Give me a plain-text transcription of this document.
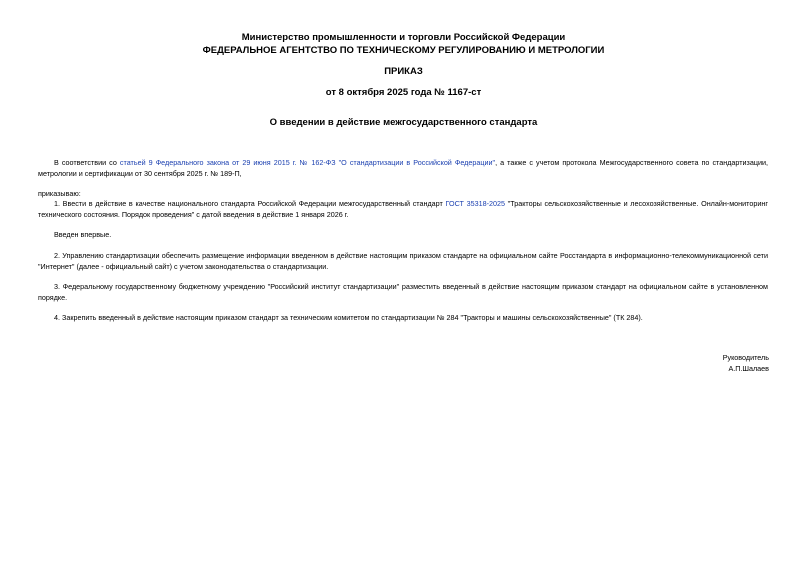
Министерство промышленности и торговли Российской Федерации
ФЕДЕРАЛЬНОЕ АГЕНТСТВО ПО ТЕХНИЧЕСКОМУ РЕГУЛИРОВАНИЮ И МЕТРОЛОГИИ
ПРИКАЗ
от 8 октября 2025 года № 1167-ст
О введении в действие межгосударственного стандарта
В соответствии со статьей 9 Федерального закона от 29 июня 2015 г. № 162-ФЗ "О стандартизации в Российской Федерации", а также с учетом протокола Межгосударственного совета по стандартизации, метрологии и сертификации от 30 сентября 2025 г. № 189-П,
приказываю:
1. Ввести в действие в качестве национального стандарта Российской Федерации межгосударственный стандарт ГОСТ 35318-2025 "Тракторы сельскохозяйственные и лесохозяйственные. Онлайн-мониторинг технического состояния. Порядок проведения" с датой введения в действие 1 января 2026 г.
Введен впервые.
2. Управлению стандартизации обеспечить размещение информации введенном в действие настоящим приказом стандарте на официальном сайте Росстандарта в информационно-телекоммуникационной сети "Интернет" (далее - официальный сайт) с учетом законодательства о стандартизации.
3. Федеральному государственному бюджетному учреждению "Российский институт стандартизации" разместить введенный в действие настоящим приказом стандарт на официальном сайте в установленном порядке.
4. Закрепить введенный в действие настоящим приказом стандарт за техническим комитетом по стандартизации № 284 "Тракторы и машины сельскохозяйственные" (ТК 284).
Руководитель
А.П.Шалаев
